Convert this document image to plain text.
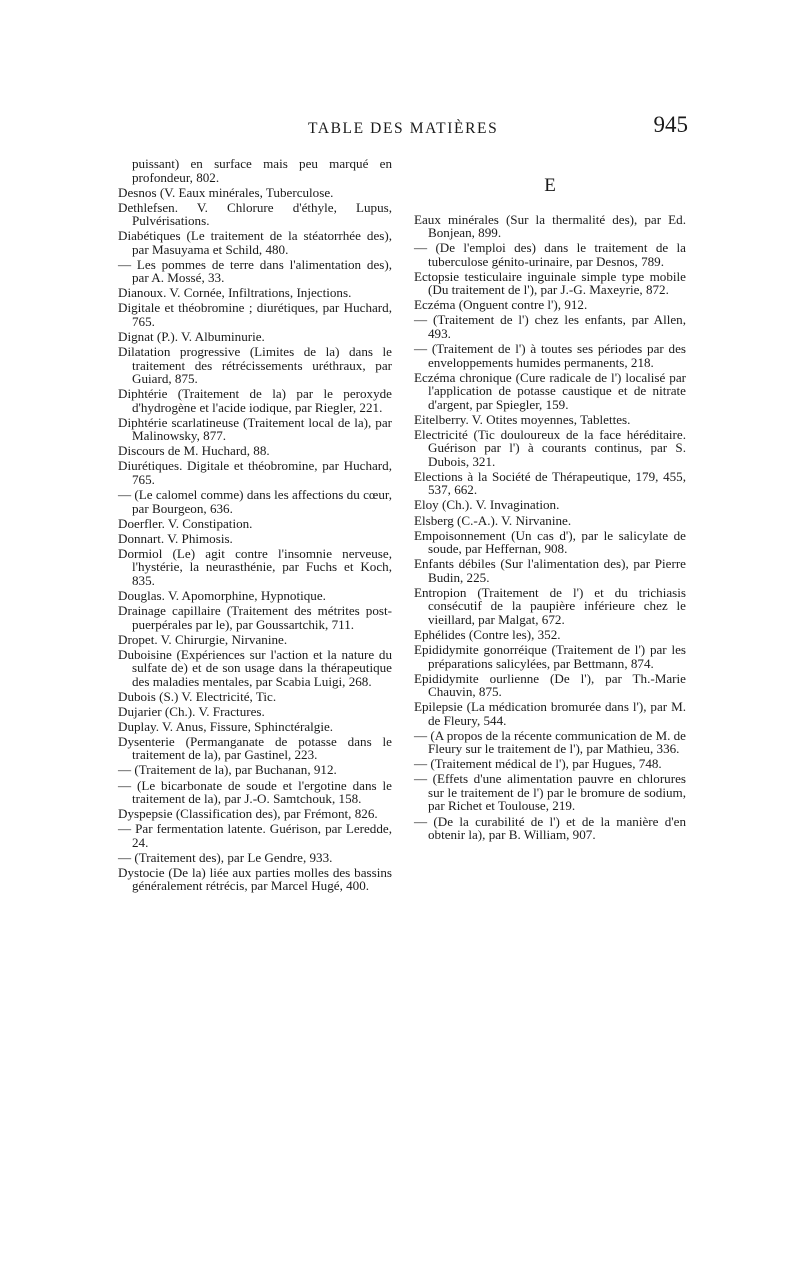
TABLE DES MATIÈRES	945

puissant) en surface mais peu marqué en profondeur, 802.

Desnos (V. Eaux minérales, Tuberculose.

Dethlefsen. V. Chlorure d'éthyle, Lupus, Pulvérisations.

Diabétiques (Le traitement de la stéatorrhée des), par Masuyama et Schild, 480.

— Les pommes de terre dans l'alimentation des), par A. Mossé, 33.

Dianoux. V. Cornée, Infiltrations, Injections.

Digitale et théobromine ; diurétiques, par Huchard, 765.

Dignat (P.). V. Albuminurie.

Dilatation progressive (Limites de la) dans le traitement des rétrécissements uréthraux, par Guiard, 875.

Diphtérie (Traitement de la) par le peroxyde d'hydrogène et l'acide iodique, par Riegler, 221.

Diphtérie scarlatineuse (Traitement local de la), par Malinowsky, 877.

Discours de M. Huchard, 88.

Diurétiques. Digitale et théobromine, par Huchard, 765.

— (Le calomel comme) dans les affections du cœur, par Bourgeon, 636.

Doerfler. V. Constipation.

Donnart. V. Phimosis.

Dormiol (Le) agit contre l'insomnie nerveuse, l'hystérie, la neurasthénie, par Fuchs et Koch, 835.

Douglas. V. Apomorphine, Hypnotique.

Drainage capillaire (Traitement des métrites post-puerpérales par le), par Goussartchik, 711.

Dropet. V. Chirurgie, Nirvanine.

Duboisine (Expériences sur l'action et la nature du sulfate de) et de son usage dans la thérapeutique des maladies mentales, par Scabia Luigi, 268.

Dubois (S.) V. Electricité, Tic.

Dujarier (Ch.). V. Fractures.

Duplay. V. Anus, Fissure, Sphinctéralgie.

Dysenterie (Permanganate de potasse dans le traitement de la), par Gastinel, 223.

— (Traitement de la), par Buchanan, 912.

— (Le bicarbonate de soude et l'ergotine dans le traitement de la), par J.-O. Samtchouk, 158.

Dyspepsie (Classification des), par Frémont, 826.

— Par fermentation latente. Guérison, par Leredde, 24.

— (Traitement des), par Le Gendre, 933.

Dystocie (De la) liée aux parties molles des bassins généralement rétrécis, par Marcel Hugé, 400.

E

Eaux minérales (Sur la thermalité des), par Ed. Bonjean, 899.

— (De l'emploi des) dans le traitement de la tuberculose génito-urinaire, par Desnos, 789.

Ectopsie testiculaire inguinale simple type mobile (Du traitement de l'), par J.-G. Maxeyrie, 872.

Eczéma (Onguent contre l'), 912.

— (Traitement de l') chez les enfants, par Allen, 493.

— (Traitement de l') à toutes ses périodes par des enveloppements humides permanents, 218.

Eczéma chronique (Cure radicale de l') localisé par l'application de potasse caustique et de nitrate d'argent, par Spiegler, 159.

Eitelberry. V. Otites moyennes, Tablettes.

Electricité (Tic douloureux de la face héréditaire. Guérison par l') à courants continus, par S. Dubois, 321.

Elections à la Société de Thérapeutique, 179, 455, 537, 662.

Eloy (Ch.). V. Invagination.

Elsberg (C.-A.). V. Nirvanine.

Empoisonnement (Un cas d'), par le salicylate de soude, par Heffernan, 908.

Enfants débiles (Sur l'alimentation des), par Pierre Budin, 225.

Entropion (Traitement de l') et du trichiasis consécutif de la paupière inférieure chez le vieillard, par Malgat, 672.

Ephélides (Contre les), 352.

Epididymite gonorréique (Traitement de l') par les préparations salicylées, par Bettmann, 874.

Epididymite ourlienne (De l'), par Th.-Marie Chauvin, 875.

Epilepsie (La médication bromurée dans l'), par M. de Fleury, 544.

— (A propos de la récente communication de M. de Fleury sur le traitement de l'), par Mathieu, 336.

— (Traitement médical de l'), par Hugues, 748.

— (Effets d'une alimentation pauvre en chlorures sur le traitement de l') par le bromure de sodium, par Richet et Toulouse, 219.

— (De la curabilité de l') et de la manière d'en obtenir la), par B. William, 907.
